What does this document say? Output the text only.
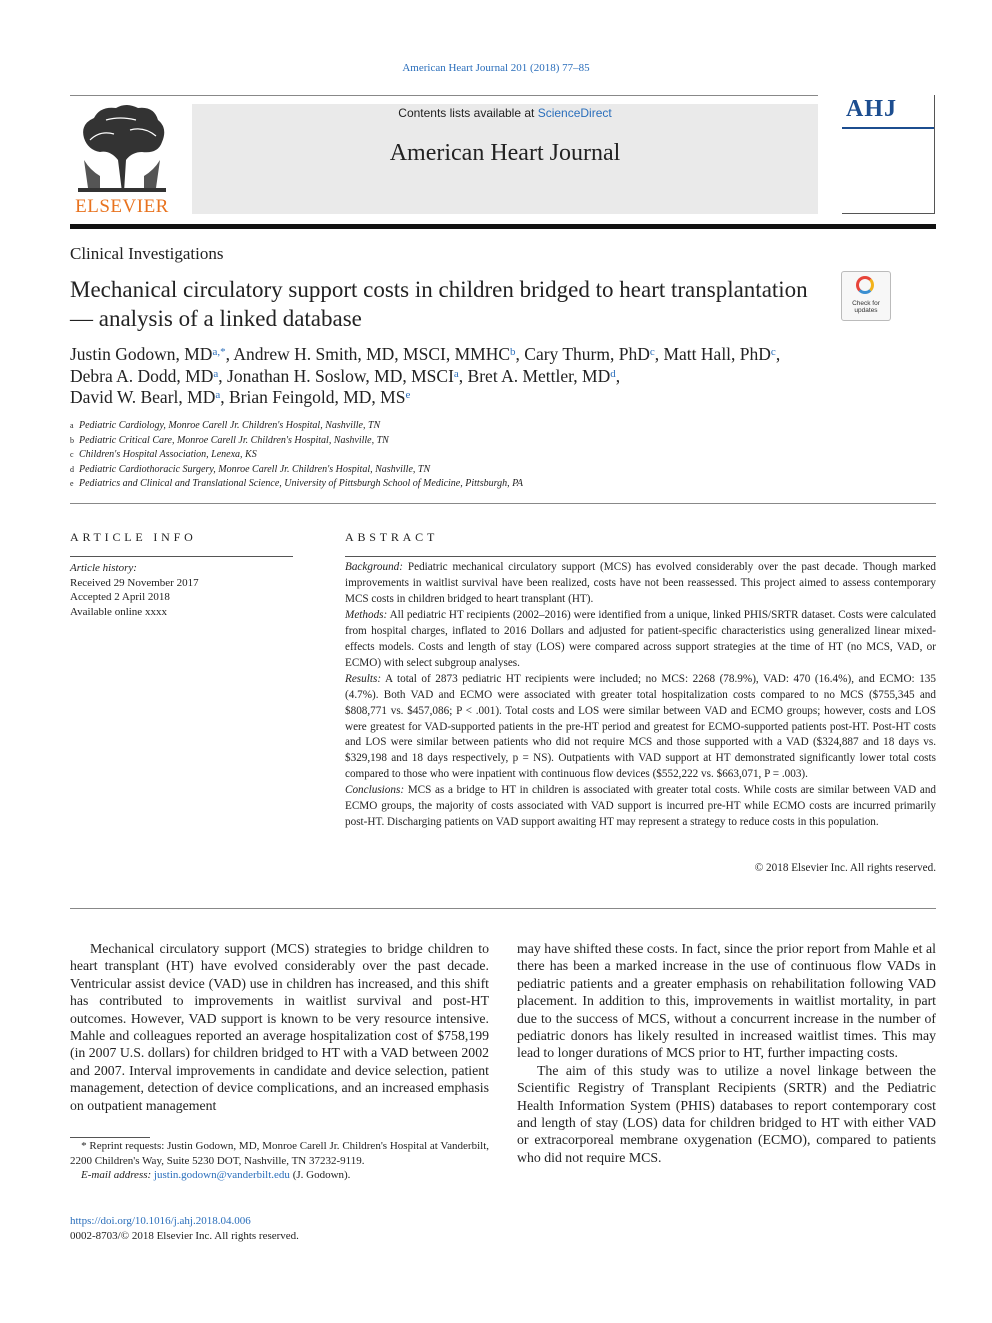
American Heart Journal 201 (2018) 77–85
ELSEVIER
Contents lists available at ScienceDirect
American Heart Journal
AHJ
Clinical Investigations
Mechanical circulatory support costs in children bridged to heart transplantation — analysis of a linked database
Check for updates
Justin Godown, $MD^{a,*}$, Andrew H. Smith, MD, MSCI, MMHC$^b$, Cary Thurm, PhD$^c$, Matt Hall, PhD$^c$,
Debra A. Dodd, $MD^a$, Jonathan H. Soslow, MD, MSCI$^a$, Bret A. Mettler, $MD^d$,
David W. Bearl, $MD^a$, Brian Feingold, MD, $MS^e$
a Pediatric Cardiology, Monroe Carell Jr. Children's Hospital, Nashville, TN
b Pediatric Critical Care, Monroe Carell Jr. Children's Hospital, Nashville, TN
c Children's Hospital Association, Lenexa, KS
d Pediatric Cardiothoracic Surgery, Monroe Carell Jr. Children's Hospital, Nashville, TN
e Pediatrics and Clinical and Translational Science, University of Pittsburgh School of Medicine, Pittsburgh, PA
ARTICLE INFO
Article history:
Received 29 November 2017
Accepted 2 April 2018
Available online xxxx
ABSTRACT

Background: Pediatric mechanical circulatory support (MCS) has evolved considerably over the past decade. Though marked improvements in waitlist survival have been realized, costs have not been reassessed. This project aimed to assess contemporary MCS costs in children bridged to heart transplant (HT).

Methods: All pediatric HT recipients (2002–2016) were identified from a unique, linked PHIS/SRTR dataset. Costs were calculated from hospital charges, inflated to 2016 Dollars and adjusted for patient-specific characteristics using generalized linear mixed-effects models. Costs and length of stay (LOS) were compared across support strategies at the time of HT (no MCS, VAD, or ECMO) with select subgroup analyses.

Results: A total of 2873 pediatric HT recipients were included; no MCS: 2268 (78.9%), VAD: 470 (16.4%), and ECMO: 135 (4.7%). Both VAD and ECMO were associated with greater total hospitalization costs compared to no MCS ($755,345 and $808,771 vs. $457,086; P < .001). Total costs and LOS were similar between VAD and ECMO groups; however, costs and LOS were greatest for VAD-supported patients in the pre-HT period and greatest for ECMO-supported patients post-HT. Post-HT costs and LOS were similar between patients who did not require MCS and those supported with a VAD ($324,887 and 18 days vs. $329,198 and 18 days respectively, p = NS). Outpatients with VAD support at HT demonstrated significantly lower total costs compared to those who were inpatient with continuous flow devices ($552,222 vs. $663,071, P = .003).

Conclusions: MCS as a bridge to HT in children is associated with greater total costs. While costs are similar between VAD and ECMO groups, the majority of costs associated with VAD support is incurred pre-HT while ECMO costs are incurred primarily post-HT. Discharging patients on VAD support awaiting HT may represent a strategy to reduce costs in this population.

© 2018 Elsevier Inc. All rights reserved.

Mechanical circulatory support (MCS) strategies to bridge children to heart transplant (HT) have evolved considerably over the past decade. Ventricular assist device (VAD) use in children has increased, and this shift has contributed to improvements in waitlist survival and post-HT outcomes. However, VAD support is known to be very resource intensive. Mahle and colleagues reported an average hospitalization cost of $758,199 (in 2007 U.S. dollars) for children bridged to HT with a VAD between 2002 and 2007. Interval improvements in candidate and device selection, patient management, detection of device complications, and an increased emphasis on outpatient management

may have shifted these costs. In fact, since the prior report from Mahle et al there has been a marked increase in the use of continuous flow VADs in pediatric patients and a greater emphasis on rehabilitation following VAD placement. In addition to this, improvements in waitlist mortality, in part due to the success of MCS, without a concurrent increase in the number of pediatric donors has likely resulted in increased waitlist times. This may lead to longer durations of MCS prior to HT, further impacting costs.

The aim of this study was to utilize a novel linkage between the Scientific Registry of Transplant Recipients (SRTR) and the Pediatric Health Information System (PHIS) databases to report contemporary cost and length of stay (LOS) data for children bridged to HT with either VAD or extracorporeal membrane oxygenation (ECMO), compared to patients who did not require MCS.

* Reprint requests: Justin Godown, MD, Monroe Carell Jr. Children's Hospital at Vanderbilt, 2200 Children's Way, Suite 5230 DOT, Nashville, TN 37232-9119.

E-mail address: justin.godown@vanderbilt.edu (J. Godown).

https://doi.org/10.1016/j.ahj.2018.04.006
0002-8703/© 2018 Elsevier Inc. All rights reserved.
